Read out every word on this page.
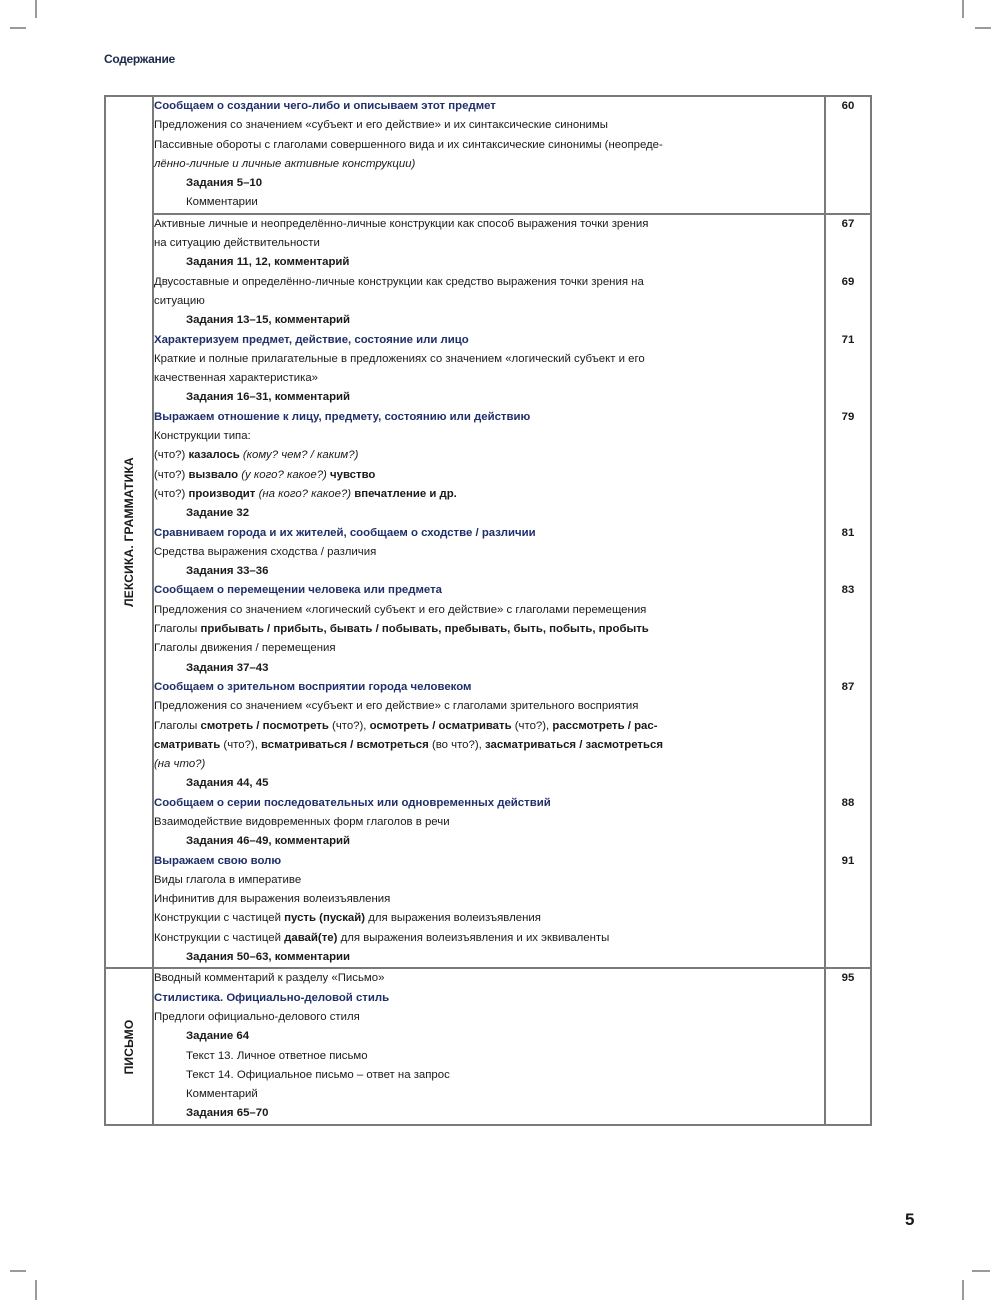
Содержание
ЛЕКСИКА. ГРАММАТИКА

Сообщаем о создании чего-либо и описываем этот предмет
Предложения со значением «субъект и его действие» и их синтаксические синонимы
Пассивные обороты с глаголами совершенного вида и их синтаксические синонимы (неопреде-
лённо-личные и личные активные конструкции)
Задания 5–10
Комментарии
	60

	Активные личные и неопределённо-личные конструкции как способ выражения точки зрения
на ситуацию действительности
Задания 11, 12, комментарий	67

	Двусоставные и определённо-личные конструкции как средство выражения точки зрения на
ситуацию
Задания 13–15, комментарий	69

	Характеризуем предмет, действие, состояние или лицо
Краткие и полные прилагательные в предложениях со значением «логический субъект и его
качественная характеристика»
Задания 16–31, комментарий	71

Выражаем отношение к лицу, предмету, состоянию или действию
Конструкции типа:
(что?) казалось (кому? чем? / каким?)
(что?) вызвало (у кого? какое?) чувство
(что?) производит (на кого? какое?) впечатление и др.
Задание 32
	79

	Сравниваем города и их жителей, сообщаем о сходстве / различии
Средства выражения сходства / различия
Задания 33–36	81

	Сообщаем о перемещении человека или предмета
Предложения со значением «логический субъект и его действие» с глаголами перемещения
Глаголы прибывать / прибыть, бывать / побывать, пребывать, быть, побыть, пробыть
Глаголы движения / перемещения
Задания 37–43	83

Сообщаем о зрительном восприятии города человеком
Предложения со значением «субъект и его действие» с глаголами зрительного восприятия
Глаголы смотреть / посмотреть (что?), осмотреть / осматривать (что?), рассмотреть / рас-
сматривать (что?), всматриваться / всмотреться (во что?), засматриваться / засмотреться
(на что?)
Задания 44, 45
	87

	Сообщаем о серии последовательных или одновременных действий
Взаимодействие видовременных форм глаголов в речи
Задания 46–49, комментарий	88

Выражаем свою волю
Виды глагола в императиве
Инфинитив для выражения волеизъявления
Конструкции с частицей пусть (пускай) для выражения волеизъявления
Конструкции с частицей давай(те) для выражения волеизъявления и их эквиваленты
Задания 50–63, комментарии
	91

ПИСЬМО

Вводный комментарий к разделу «Письмо»
Стилистика. Официально-деловой стиль
Предлоги официально-делового стиля
Задание 64
Текст 13. Личное ответное письмо
Текст 14. Официальное письмо – ответ на запрос
Комментарий
Задания 65–70
	95
5
